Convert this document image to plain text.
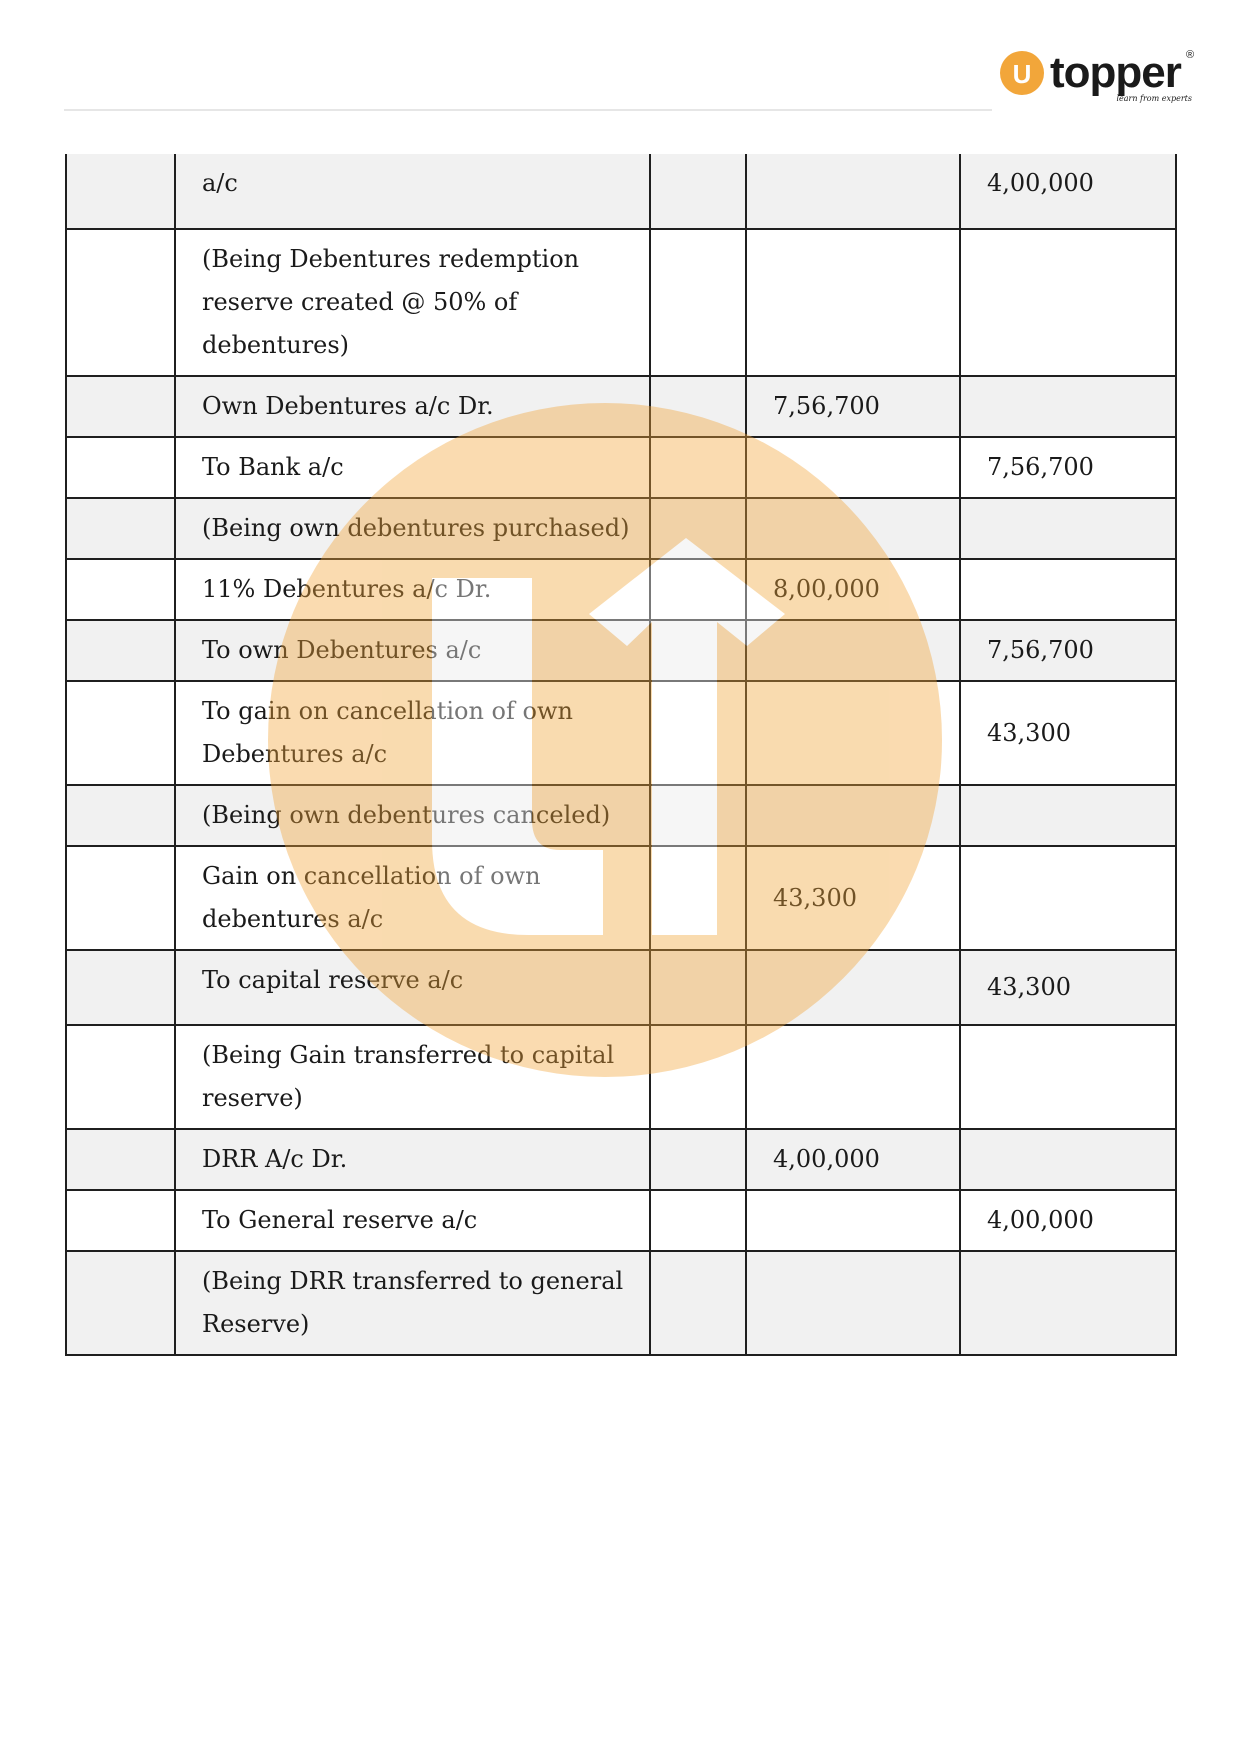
U topper ®
learn from experts
	a/c			4,00,000
	(Being Debentures redemption reserve created @ 50% of debentures)			
	Own Debentures a/c Dr.		7,56,700	
	To Bank a/c			7,56,700
	(Being own debentures purchased)			
	11% Debentures a/c Dr.		8,00,000	
	To own Debentures a/c			7,56,700
	To gain on cancellation of own Debentures a/c			43,300
	(Being own debentures canceled)			
	Gain on cancellation of own debentures a/c		43,300	
	To capital reserve a/c			43,300
	(Being Gain transferred to capital reserve)			
	DRR A/c Dr.		4,00,000	
	To General reserve a/c			4,00,000
	(Being DRR transferred to general Reserve)			
